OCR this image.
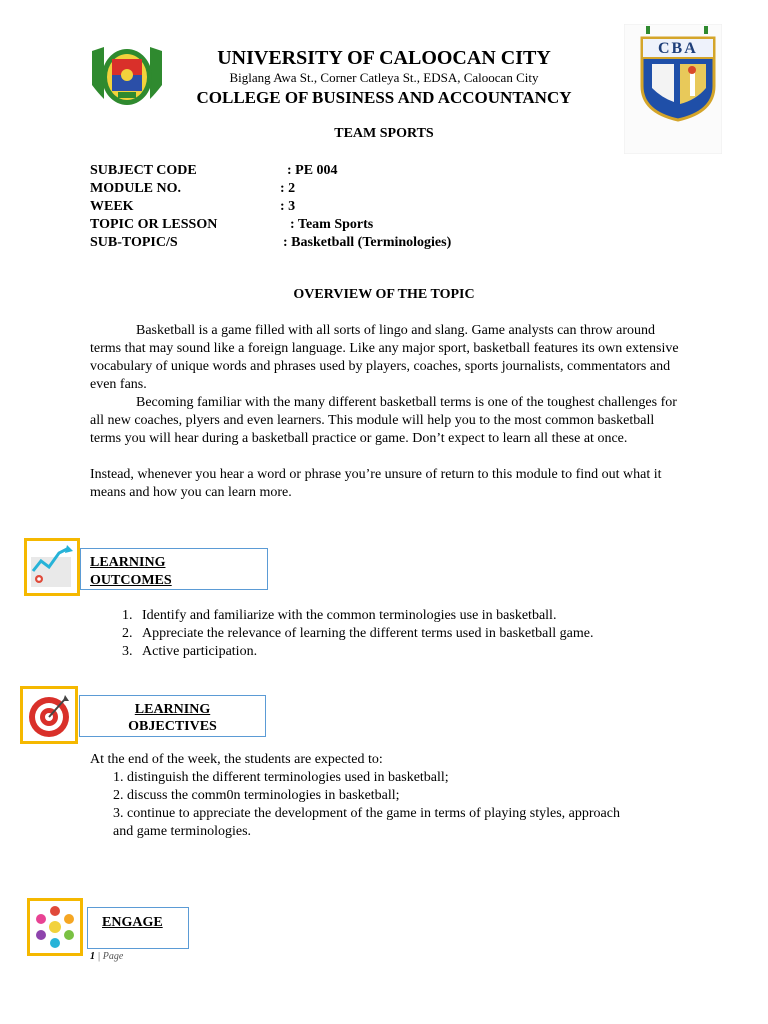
CBA
UNIVERSITY OF CALOOCAN CITY
Biglang Awa St., Corner Catleya St., EDSA, Caloocan City
COLLEGE OF BUSINESS AND ACCOUNTANCY
TEAM SPORTS
SUBJECT CODE	: PE 004
MODULE NO.	: 2
WEEK	: 3
TOPIC OR LESSON	: Team Sports
SUB-TOPIC/S	: Basketball (Terminologies)
OVERVIEW OF THE TOPIC
Basketball is a game filled with all sorts of lingo and slang. Game analysts can throw around terms that may sound like a foreign language. Like any major sport, basketball features its own extensive vocabulary of unique words and phrases used by players, coaches, sports journalists, commentators and even fans.
Becoming familiar with the many different basketball terms is one of the toughest challenges for all new coaches, plyers and even learners. This module will help you to the most common basketball terms you will hear during a basketball practice or game. Don’t expect to learn all these at once.
Instead, whenever you hear a word or phrase you’re unsure of return to this module to find out what it means and how you can learn more.
LEARNING
OUTCOMES
1. Identify and familiarize with the common terminologies use in basketball.
2. Appreciate the relevance of learning the different terms used in basketball game.
3. Active participation.
LEARNING
OBJECTIVES
At the end of the week, the students are expected to:
1. distinguish the different terminologies used in basketball;
2. discuss the comm0n terminologies in basketball;
3. continue to appreciate the development of the game in terms of playing styles, approach
and game terminologies.
ENGAGE
1 | Page
